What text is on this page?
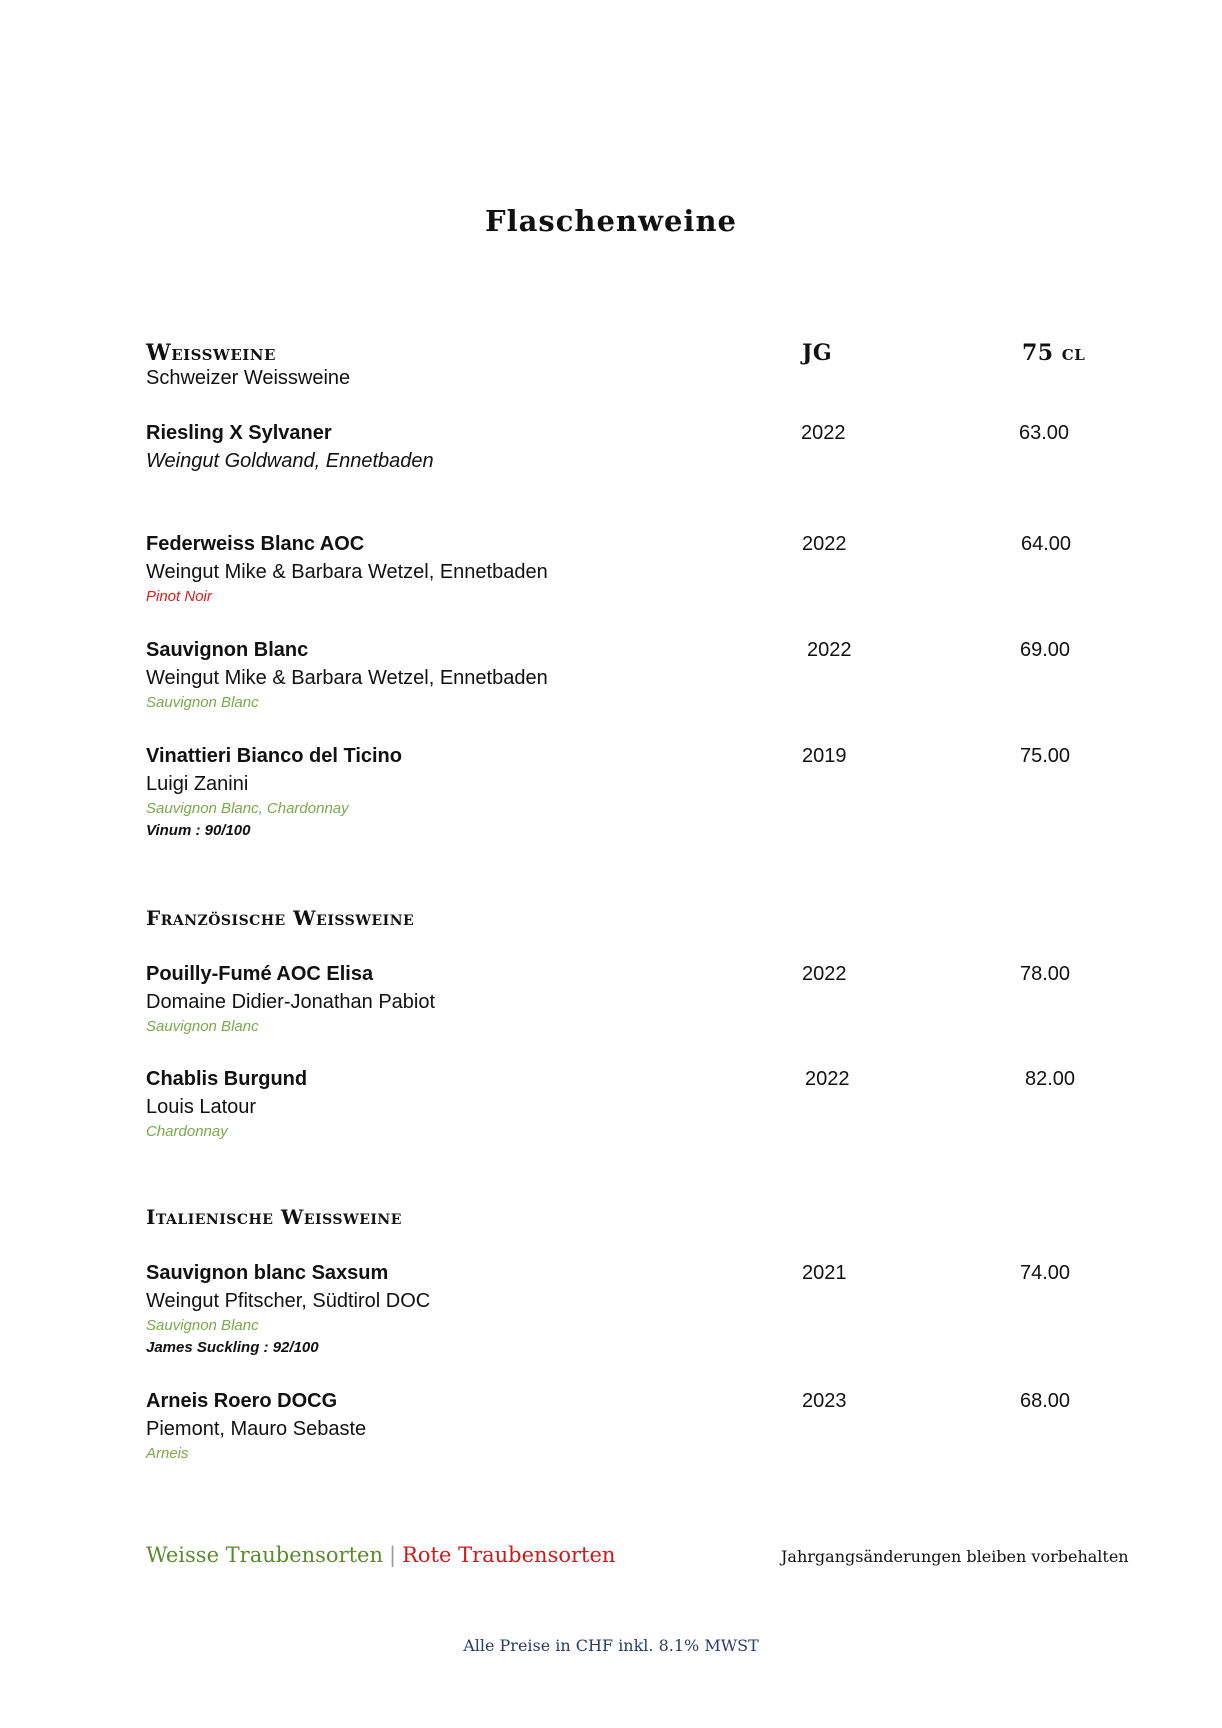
Flaschenweine
Weissweine	JG	75 cl
Schweizer Weissweine
Riesling X Sylvaner
Weingut Goldwand, Ennetbaden
2022	63.00
Federweiss Blanc AOC
Weingut Mike & Barbara Wetzel, Ennetbaden
Pinot Noir
2022	64.00
Sauvignon Blanc
Weingut Mike & Barbara Wetzel, Ennetbaden
Sauvignon Blanc
2022	69.00
Vinattieri Bianco del Ticino
Luigi Zanini
Sauvignon Blanc, Chardonnay
Vinum : 90/100
2019	75.00
Französische Weissweine
Pouilly-Fumé AOC Elisa
Domaine Didier-Jonathan Pabiot
Sauvignon Blanc
2022	78.00
Chablis Burgund
Louis Latour
Chardonnay
2022	82.00
Italienische Weissweine
Sauvignon blanc Saxsum
Weingut Pfitscher, Südtirol DOC
Sauvignon Blanc
James Suckling : 92/100
2021	74.00
Arneis Roero DOCG
Piemont, Mauro Sebaste
Arneis
2023	68.00
Weisse Traubensorten | Rote Traubensorten	Jahrgangsänderungen bleiben vorbehalten
Alle Preise in CHF inkl. 8.1% MWST
